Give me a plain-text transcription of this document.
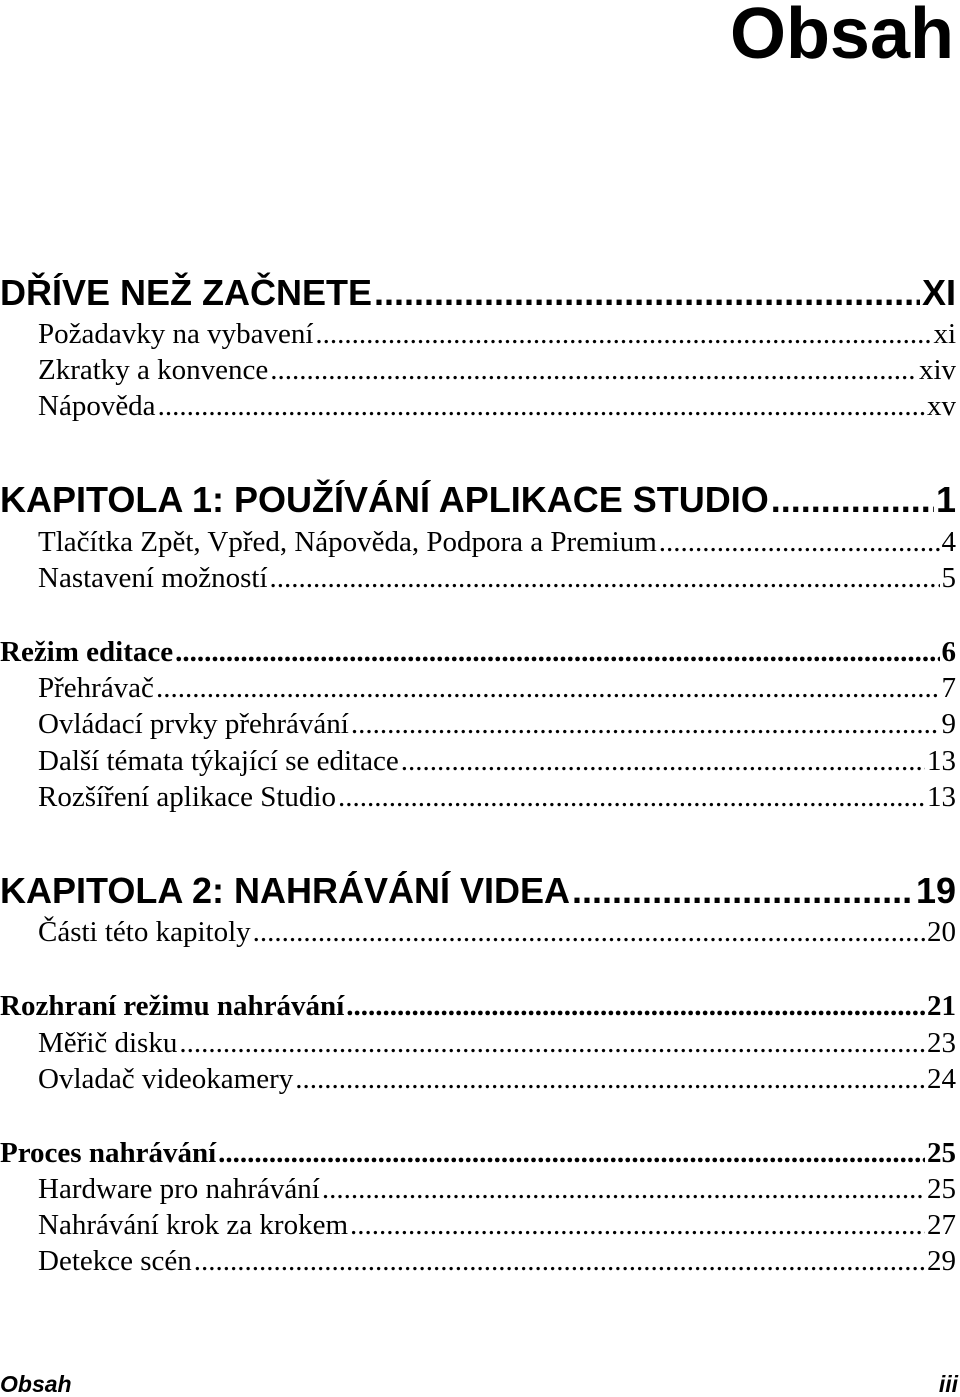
Obsah
DŘÍVE NEŽ ZAČNETE .....	XI
Požadavky na vybavení .....	xi
Zkratky a konvence .....	xiv
Nápověda .....	xv
KAPITOLA 1: POUŽÍVÁNÍ APLIKACE STUDIO .....	1
Tlačítka Zpět, Vpřed, Nápověda, Podpora a Premium .....	4
Nastavení možností .....	5
Režim editace .....	6
Přehrávač .....	7
Ovládací prvky přehrávání .....	9
Další témata týkající se editace .....	13
Rozšíření aplikace Studio .....	13
KAPITOLA 2: NAHRÁVÁNÍ VIDEA .....	19
Části této kapitoly .....	20
Rozhraní režimu nahrávání .....	21
Měřič disku .....	23
Ovladač videokamery .....	24
Proces nahrávání .....	25
Hardware pro nahrávání .....	25
Nahrávání krok za krokem .....	27
Detekce scén .....	29
Obsah	iii
